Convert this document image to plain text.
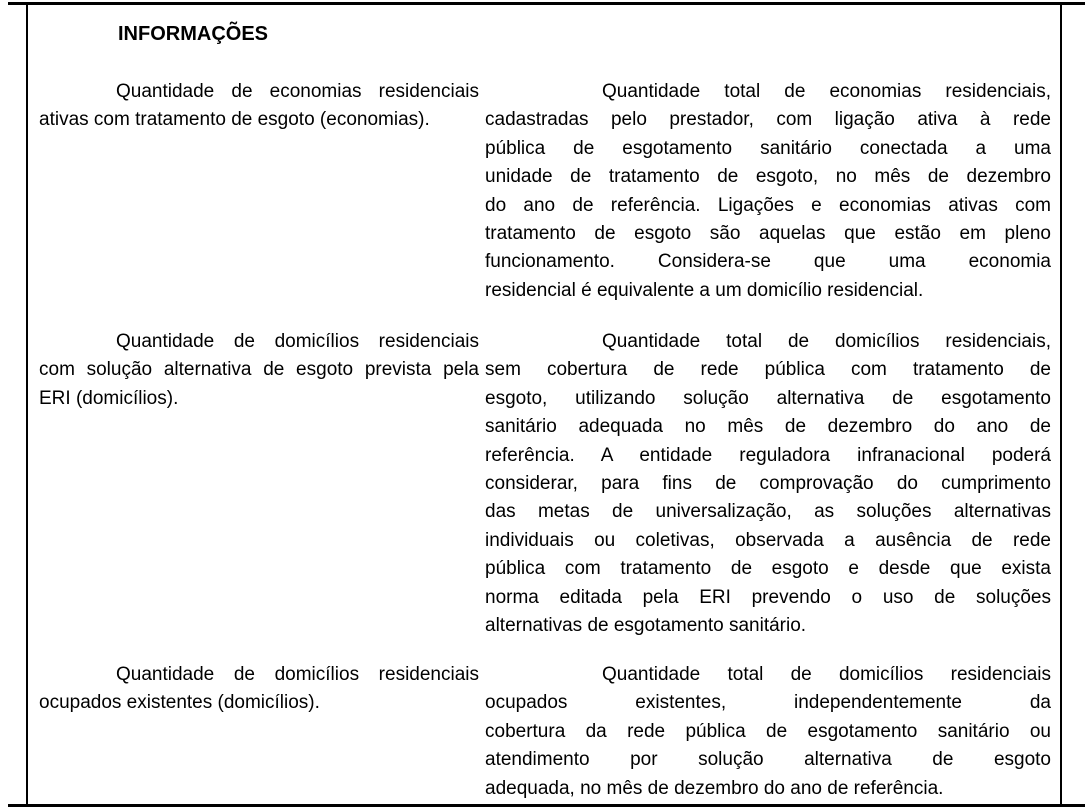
INFORMAÇÕES
Quantidade de economias residenciais
ativas com tratamento de esgoto (economias).
Quantidade total de economias residenciais,
cadastradas pelo prestador, com ligação ativa à rede
pública de esgotamento sanitário conectada a uma
unidade de tratamento de esgoto, no mês de dezembro
do ano de referência. Ligações e economias ativas com
tratamento de esgoto são aquelas que estão em pleno
funcionamento. Considera-se que uma economia
residencial é equivalente a um domicílio residencial.
Quantidade de domicílios residenciais
com solução alternativa de esgoto prevista pela
ERI (domicílios).
Quantidade total de domicílios residenciais,
sem cobertura de rede pública com tratamento de
esgoto, utilizando solução alternativa de esgotamento
sanitário adequada no mês de dezembro do ano de
referência. A entidade reguladora infranacional poderá
considerar, para fins de comprovação do cumprimento
das metas de universalização, as soluções alternativas
individuais ou coletivas, observada a ausência de rede
pública com tratamento de esgoto e desde que exista
norma editada pela ERI prevendo o uso de soluções
alternativas de esgotamento sanitário.
Quantidade de domicílios residenciais
ocupados existentes (domicílios).
Quantidade total de domicílios residenciais
ocupados existentes, independentemente da
cobertura da rede pública de esgotamento sanitário ou
atendimento por solução alternativa de esgoto
adequada, no mês de dezembro do ano de referência.
